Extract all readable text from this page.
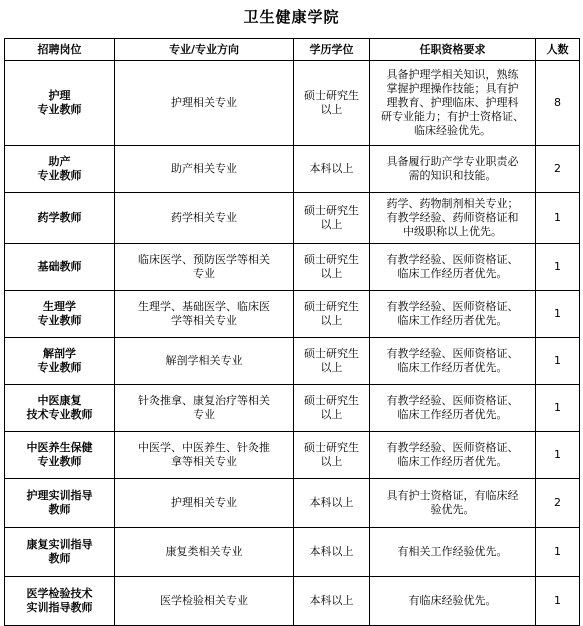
卫生健康学院
招聘岗位	专业/专业方向	学历学位	任职资格要求	人数

护理
专业教师	护理相关专业	硕士研究生
以上	具备护理学相关知识，熟练
掌握护理操作技能；具有护
理教育、护理临床、护理科
研专业能力；有护士资格证、
临床经验优先。	8

助产
专业教师	助产相关专业	本科以上	具备履行助产学专业职责必
需的知识和技能。	2

药学教师	药学相关专业	硕士研究生
以上	药学、药物制剂相关专业；
有教学经验、药师资格证和
中级职称以上优先。	1

基础教师	临床医学、预防医学等相关
专业	硕士研究生
以上	有教学经验、医师资格证、
临床工作经历者优先。	1

生理学
专业教师	生理学、基础医学、临床医
学等相关专业	硕士研究生
以上	有教学经验、医师资格证、
临床工作经历者优先。	1

解剖学
专业教师	解剖学相关专业	硕士研究生
以上	有教学经验、医师资格证、
临床工作经历者优先。	1

中医康复
技术专业教师	针灸推拿、康复治疗等相关
专业	硕士研究生
以上	有教学经验、医师资格证、
临床工作经历者优先。	1

中医养生保健
专业教师	中医学、中医养生、针灸推
拿等相关专业	硕士研究生
以上	有教学经验、医师资格证、
临床工作经历者优先。	1

护理实训指导
教师	护理相关专业	本科以上	具有护士资格证，有临床经
验优先。	2

康复实训指导
教师	康复类相关专业	本科以上	有相关工作经验优先。	1

医学检验技术
实训指导教师	医学检验相关专业	本科以上	有临床经验优先。	1
